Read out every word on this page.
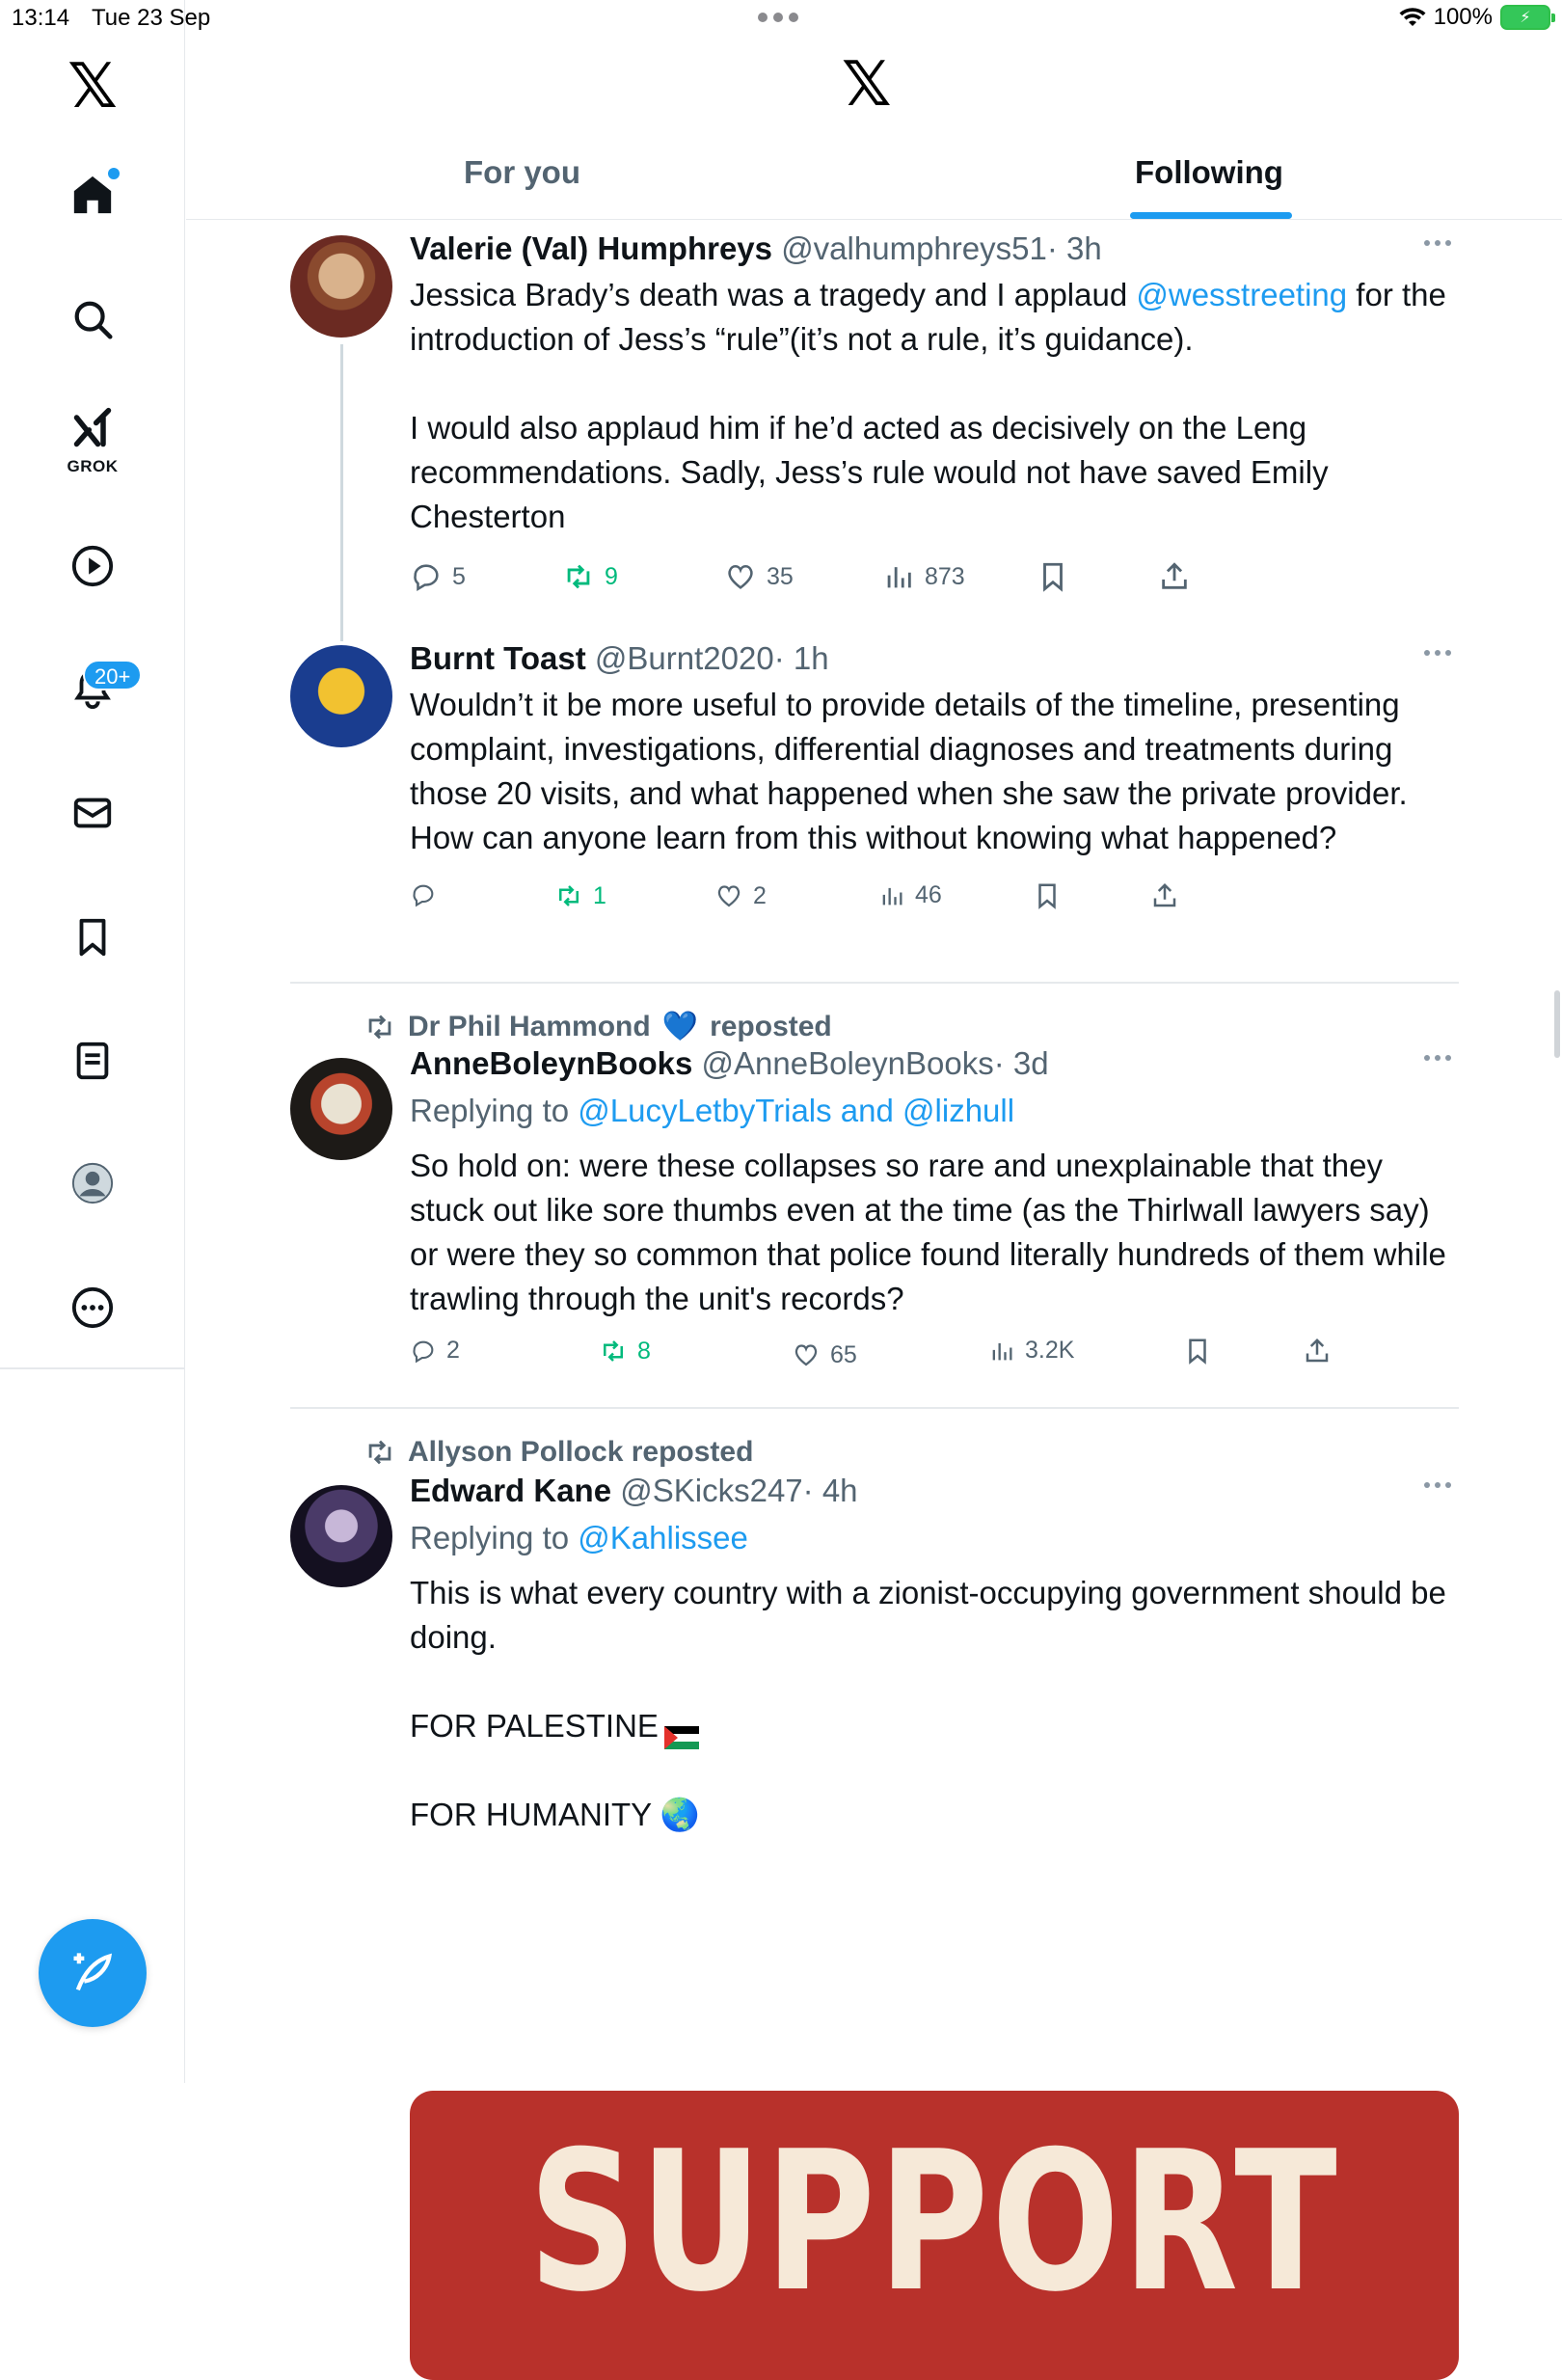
13:14 Tue 23 Sep	100%	⚡
𝕏
GROK
20+
𝕏
For you	Following
Valerie (Val) Humphreys @valhumphreys51· 3h
Jessica Brady’s death was a tragedy and I applaud @wesstreeting for the introduction of Jess’s “rule”(it’s not a rule, it’s guidance).

I would also applaud him if he’d acted as decisively on the Leng recommendations. Sadly, Jess’s rule would not have saved Emily Chesterton
5	9	35	873
Burnt Toast @Burnt2020· 1h
Wouldn’t it be more useful to provide details of the timeline, presenting complaint, investigations, differential diagnoses and treatments during those 20 visits, and what happened when she saw the private provider. How can anyone learn from this without knowing what happened?
1	2	46
Dr Phil Hammond 💙 reposted
AnneBoleynBooks @AnneBoleynBooks· 3d
Replying to @LucyLetbyTrials and @lizhull
So hold on: were these collapses so rare and unexplainable that they stuck out like sore thumbs even at the time (as the Thirlwall lawyers say) or were they so common that police found literally hundreds of them while trawling through the unit's records?
2	8	65	3.2K
Allyson Pollock reposted
Edward Kane @SKicks247· 4h
Replying to @Kahlissee
This is what every country with a zionist-occupying government should be doing.
FOR PALESTINE
FOR HUMANITY 🌏
SUPPORT
